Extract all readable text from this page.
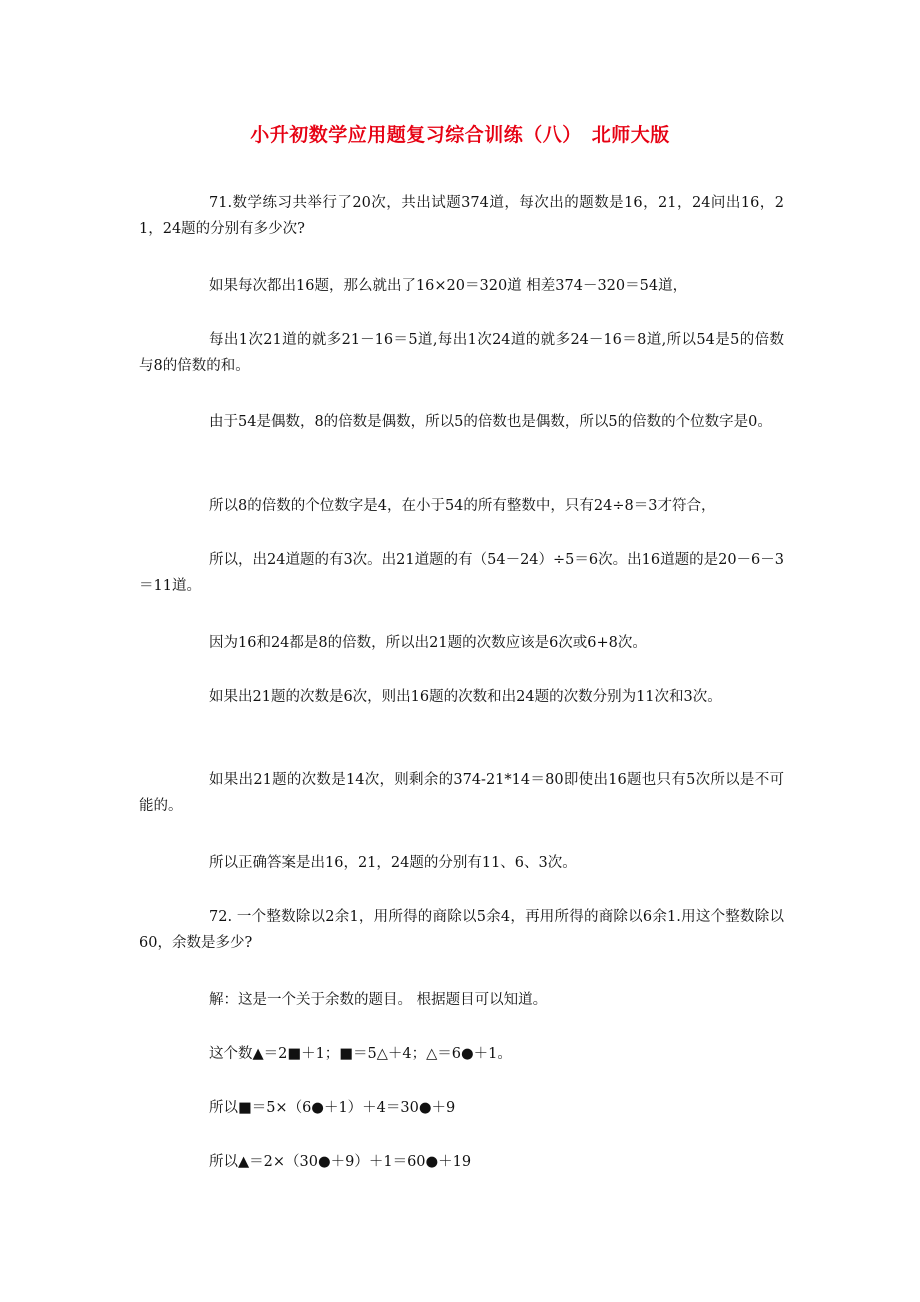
小升初数学应用题复习综合训练（八）　北师大版

71.数学练习共举行了20次，共出试题374道，每次出的题数是16，21，24问出16，21，24题的分别有多少次?

如果每次都出16题，那么就出了16×20＝320道 相差374－320＝54道，

每出1次21道的就多21－16＝5道,每出1次24道的就多24－16＝8道,所以54是5的倍数与8的倍数的和。

由于54是偶数，8的倍数是偶数，所以5的倍数也是偶数，所以5的倍数的个位数字是0。

所以8的倍数的个位数字是4，在小于54的所有整数中，只有24÷8＝3才符合，

所以，出24道题的有3次。出21道题的有（54－24）÷5＝6次。出16道题的是20－6－3＝11道。

因为16和24都是8的倍数，所以出21题的次数应该是6次或6+8次。

如果出21题的次数是6次，则出16题的次数和出24题的次数分别为11次和3次。

如果出21题的次数是14次，则剩余的374-21*14＝80即使出16题也只有5次所以是不可能的。

所以正确答案是出16，21，24题的分别有11、6、3次。

72. 一个整数除以2余1，用所得的商除以5余4，再用所得的商除以6余1.用这个整数除以60，余数是多少?

解：这是一个关于余数的题目。 根据题目可以知道。

这个数▲＝2■＋1；■＝5△＋4；△＝6●＋1。

所以■＝5×（6●＋1）＋4＝30●＋9

所以▲＝2×（30●＋9）＋1＝60●＋19
